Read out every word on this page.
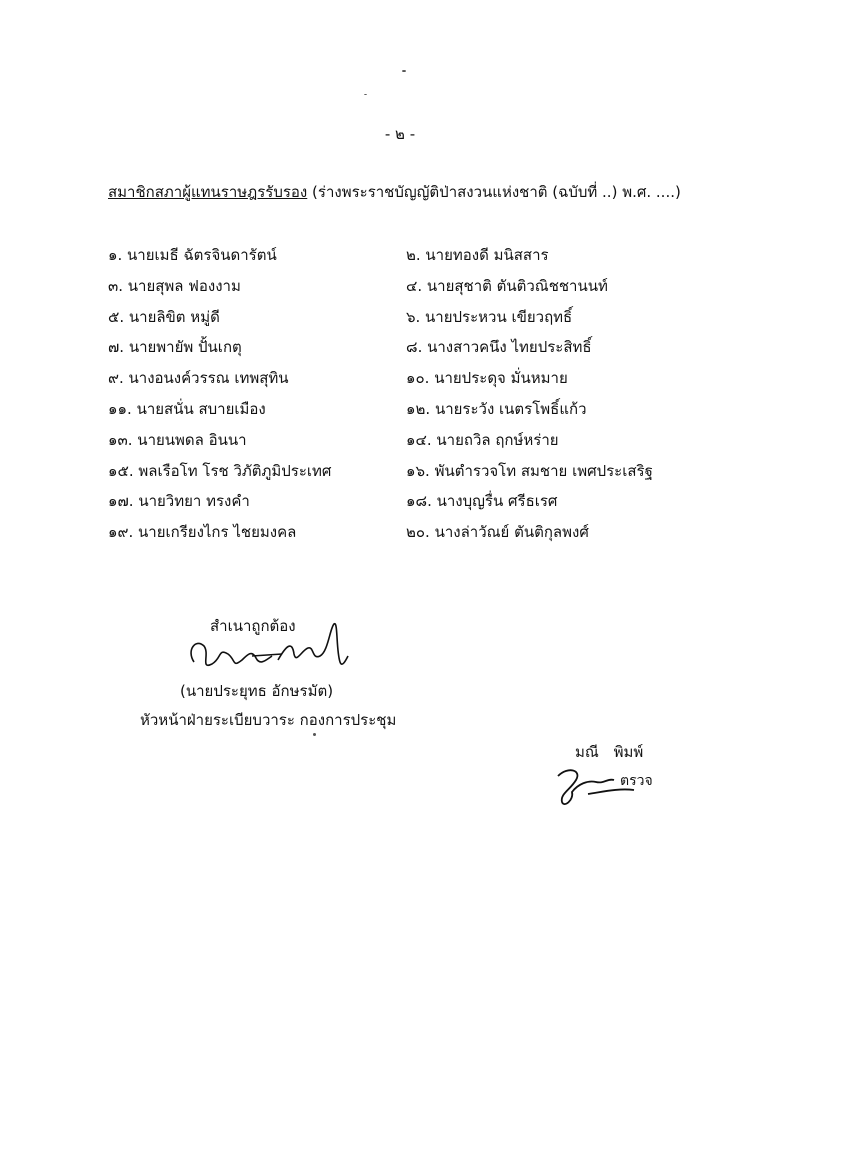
- ๒ -
สมาชิกสภาผู้แทนราษฎรรับรอง (ร่างพระราชบัญญัติป่าสงวนแห่งชาติ (ฉบับที่ ..) พ.ศ. ....)
๑. นายเมธี ฉัตรจินดารัตน์	๒. นายทองดี มนิสสาร
๓. นายสุพล ฟองงาม	๔. นายสุชาติ ตันติวณิชชานนท์
๕. นายลิขิต หมู่ดี	๖. นายประหวน เขียวฤทธิ์
๗. นายพายัพ ปั้นเกตุ	๘. นางสาวคนึง ไทยประสิทธิ์
๙. นางอนงค์วรรณ เทพสุทิน	๑๐. นายประดุจ มั่นหมาย
๑๑. นายสนั่น สบายเมือง	๑๒. นายระวัง เนตรโพธิ์แก้ว
๑๓. นายนพดล อินนา	๑๔. นายถวิล ฤกษ์หร่าย
๑๕. พลเรือโท โรช วิภัติภูมิประเทศ	๑๖. พันตำรวจโท สมชาย เพศประเสริฐ
๑๗. นายวิทยา ทรงคำ	๑๘. นางบุญรื่น ศรีธเรศ
๑๙. นายเกรียงไกร ไชยมงคล	๒๐. นางล่าวัณย์ ตันติกุลพงศ์
สำเนาถูกต้อง
(นายประยุทธ อักษรมัต)
หัวหน้าฝ่ายระเบียบวาระ กองการประชุม
มณี พิมพ์
ตรวจ
